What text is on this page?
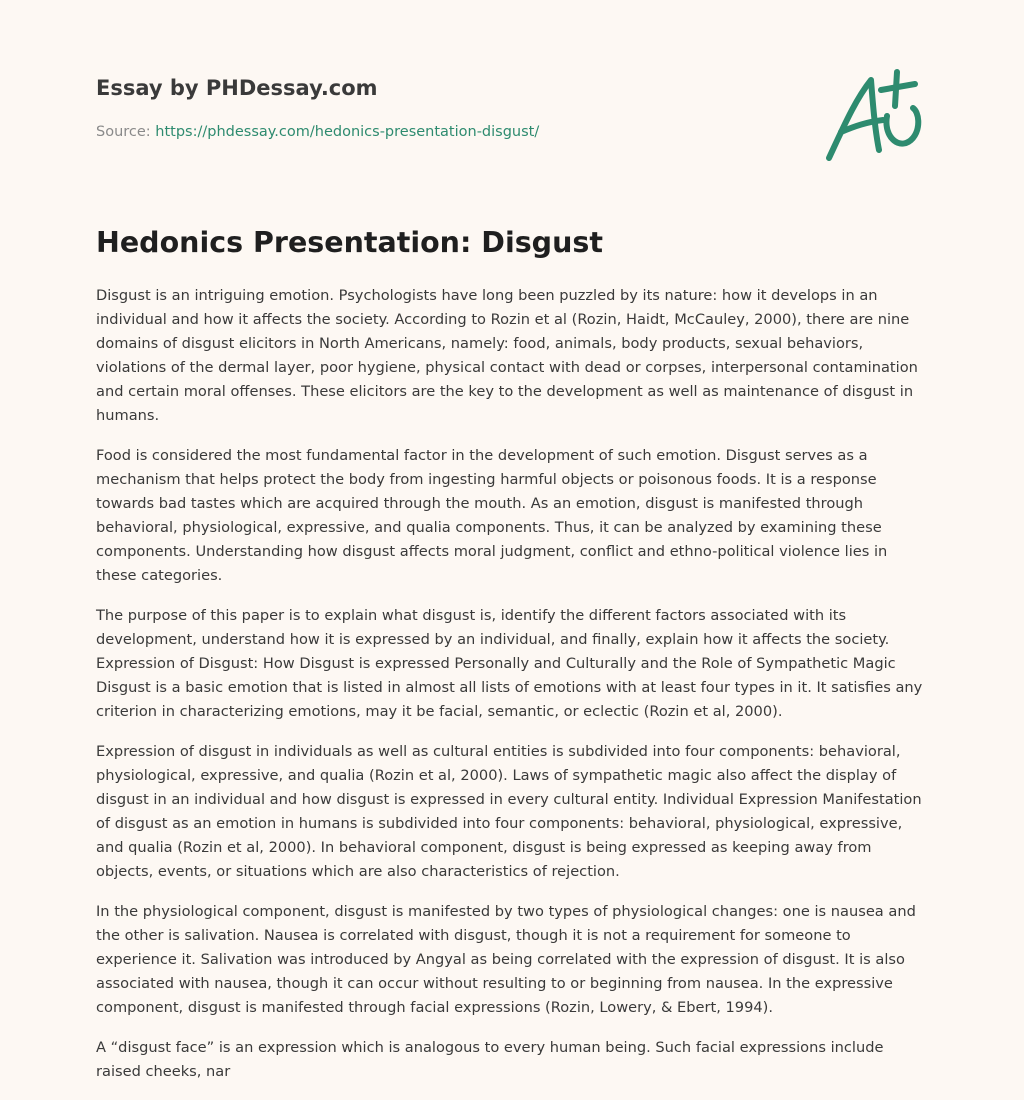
Essay by PHDessay.com
Source: https://phdessay.com/hedonics-presentation-disgust/
Hedonics Presentation: Disgust

Disgust is an intriguing emotion. Psychologists have long been puzzled by its nature: how it develops in an individual and how it affects the society. According to Rozin et al (Rozin, Haidt, McCauley, 2000), there are nine domains of disgust elicitors in North Americans, namely: food, animals, body products, sexual behaviors, violations of the dermal layer, poor hygiene, physical contact with dead or corpses, interpersonal contamination and certain moral offenses. These elicitors are the key to the development as well as maintenance of disgust in humans.

Food is considered the most fundamental factor in the development of such emotion. Disgust serves as a mechanism that helps protect the body from ingesting harmful objects or poisonous foods. It is a response towards bad tastes which are acquired through the mouth. As an emotion, disgust is manifested through behavioral, physiological, expressive, and qualia components. Thus, it can be analyzed by examining these components. Understanding how disgust affects moral judgment, conflict and ethno-political violence lies in these categories.

The purpose of this paper is to explain what disgust is, identify the different factors associated with its development, understand how it is expressed by an individual, and finally, explain how it affects the society. Expression of Disgust: How Disgust is expressed Personally and Culturally and the Role of Sympathetic Magic Disgust is a basic emotion that is listed in almost all lists of emotions with at least four types in it. It satisfies any criterion in characterizing emotions, may it be facial, semantic, or eclectic (Rozin et al, 2000).

Expression of disgust in individuals as well as cultural entities is subdivided into four components: behavioral, physiological, expressive, and qualia (Rozin et al, 2000). Laws of sympathetic magic also affect the display of disgust in an individual and how disgust is expressed in every cultural entity. Individual Expression Manifestation of disgust as an emotion in humans is subdivided into four components: behavioral, physiological, expressive, and qualia (Rozin et al, 2000). In behavioral component, disgust is being expressed as keeping away from objects, events, or situations which are also characteristics of rejection.

In the physiological component, disgust is manifested by two types of physiological changes: one is nausea and the other is salivation. Nausea is correlated with disgust, though it is not a requirement for someone to experience it. Salivation was introduced by Angyal as being correlated with the expression of disgust. It is also associated with nausea, though it can occur without resulting to or beginning from nausea. In the expressive component, disgust is manifested through facial expressions (Rozin, Lowery, & Ebert, 1994).

A “disgust face” is an expression which is analogous to every human being. Such facial expressions include raised cheeks, nar
